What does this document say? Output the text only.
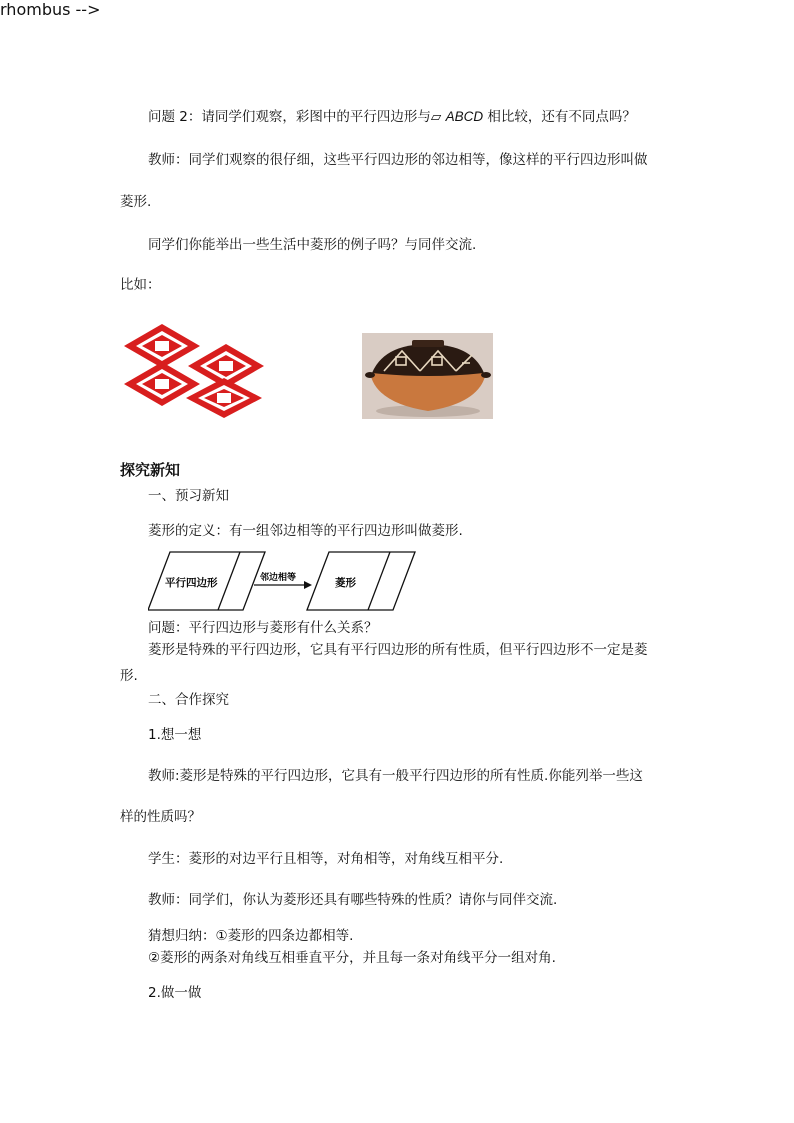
问题 2：请同学们观察，彩图中的平行四边形与▱ ABCD 相比较，还有不同点吗？
教师：同学们观察的很仔细，这些平行四边形的邻边相等，像这样的平行四边形叫做
菱形.
同学们你能举出一些生活中菱形的例子吗？与同伴交流.
比如：
探究新知
一、预习新知
菱形的定义：有一组邻边相等的平行四边形叫做菱形.
rhombus -->
平行四边形	邻边相等	菱形
问题：平行四边形与菱形有什么关系？
菱形是特殊的平行四边形，它具有平行四边形的所有性质，但平行四边形不一定是菱
形.
二、合作探究
1.想一想
教师:菱形是特殊的平行四边形，它具有一般平行四边形的所有性质.你能列举一些这
样的性质吗？
学生：菱形的对边平行且相等，对角相等，对角线互相平分.
教师：同学们，你认为菱形还具有哪些特殊的性质？请你与同伴交流.
猜想归纳：①菱形的四条边都相等.
②菱形的两条对角线互相垂直平分，并且每一条对角线平分一组对角.
2.做一做
